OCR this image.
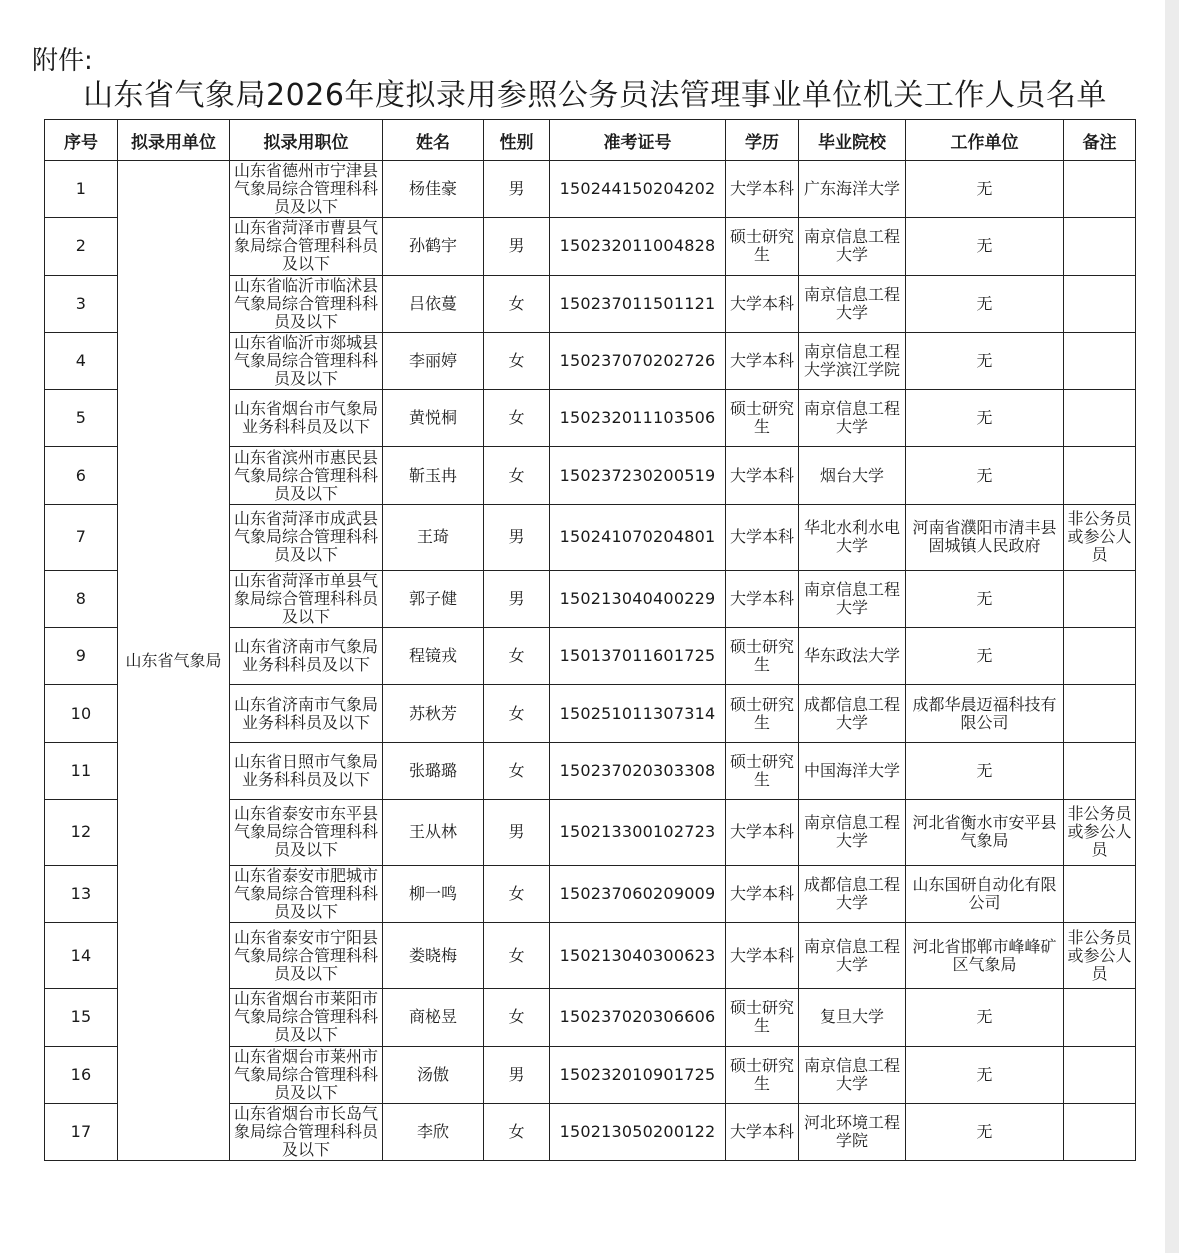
附件:
山东省气象局2026年度拟录用参照公务员法管理事业单位机关工作人员名单
序号	拟录用单位	拟录用职位	姓名	性别	准考证号	学历	毕业院校	工作单位	备注
1	山东省气象局	山东省德州市宁津县气象局综合管理科科员及以下	杨佳豪	男	150244150204202	大学本科	广东海洋大学	无	
2		山东省菏泽市曹县气象局综合管理科科员及以下	孙鹤宇	男	150232011004828	硕士研究生	南京信息工程大学	无	
3		山东省临沂市临沭县气象局综合管理科科员及以下	吕依蔓	女	150237011501121	大学本科	南京信息工程大学	无	
4		山东省临沂市郯城县气象局综合管理科科员及以下	李丽婷	女	150237070202726	大学本科	南京信息工程大学滨江学院	无	
5		山东省烟台市气象局业务科科员及以下	黄悦桐	女	150232011103506	硕士研究生	南京信息工程大学	无	
6		山东省滨州市惠民县气象局综合管理科科员及以下	靳玉冉	女	150237230200519	大学本科	烟台大学	无	
7		山东省菏泽市成武县气象局综合管理科科员及以下	王琦	男	150241070204801	大学本科	华北水利水电大学	河南省濮阳市清丰县固城镇人民政府	非公务员或参公人员
8		山东省菏泽市单县气象局综合管理科科员及以下	郭子健	男	150213040400229	大学本科	南京信息工程大学	无	
9		山东省济南市气象局业务科科员及以下	程镜戎	女	150137011601725	硕士研究生	华东政法大学	无	
10		山东省济南市气象局业务科科员及以下	苏秋芳	女	150251011307314	硕士研究生	成都信息工程大学	成都华晨迈福科技有限公司	
11		山东省日照市气象局业务科科员及以下	张璐璐	女	150237020303308	硕士研究生	中国海洋大学	无	
12		山东省泰安市东平县气象局综合管理科科员及以下	王从林	男	150213300102723	大学本科	南京信息工程大学	河北省衡水市安平县气象局	非公务员或参公人员
13		山东省泰安市肥城市气象局综合管理科科员及以下	柳一鸣	女	150237060209009	大学本科	成都信息工程大学	山东国研自动化有限公司	
14		山东省泰安市宁阳县气象局综合管理科科员及以下	娄晓梅	女	150213040300623	大学本科	南京信息工程大学	河北省邯郸市峰峰矿区气象局	非公务员或参公人员
15		山东省烟台市莱阳市气象局综合管理科科员及以下	商柲昱	女	150237020306606	硕士研究生	复旦大学	无	
16		山东省烟台市莱州市气象局综合管理科科员及以下	汤傲	男	150232010901725	硕士研究生	南京信息工程大学	无	
17		山东省烟台市长岛气象局综合管理科科员及以下	李欣	女	150213050200122	大学本科	河北环境工程学院	无	
